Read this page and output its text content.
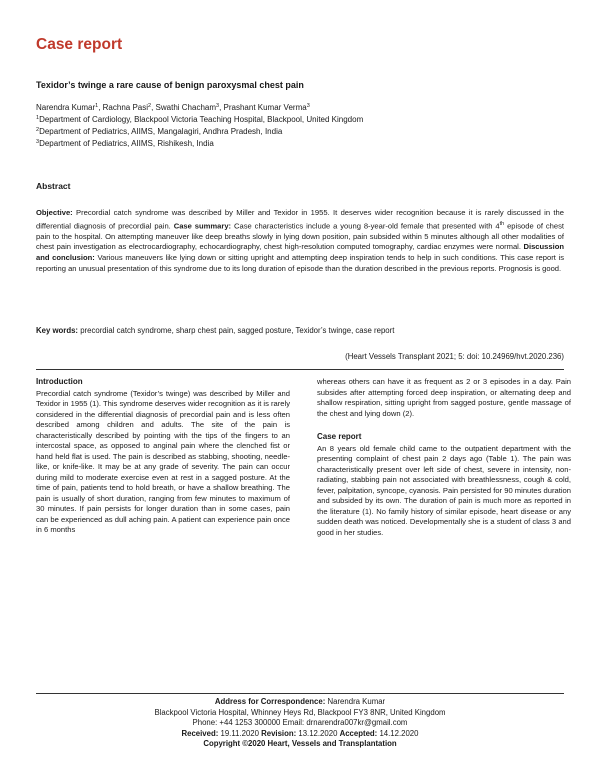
Case report
Texidor’s twinge a rare cause of benign paroxysmal chest pain
Narendra Kumar$^1$, Rachna Pasi$^2$, Swathi Chacham$^3$, Prashant Kumar Verma$^3$
$^1$Department of Cardiology, Blackpool Victoria Teaching Hospital, Blackpool, United Kingdom
$^2$Department of Pediatrics, AIIMS, Mangalagiri, Andhra Pradesh, India
$^3$Department of Pediatrics, AIIMS, Rishikesh, India
Abstract
Objective: Precordial catch syndrome was described by Miller and Texidor in 1955. It deserves wider recognition because it is rarely discussed in the differential diagnosis of precordial pain. Case summary: Case characteristics include a young 8-year-old female that presented with 4th episode of chest pain to the hospital. On attempting maneuver like deep breaths slowly in lying down position, pain subsided within 5 minutes although all other modalities of chest pain investigation as electrocardiography, echocardiography, chest high-resolution computed tomography, cardiac enzymes were normal. Discussion and conclusion: Various maneuvers like lying down or sitting upright and attempting deep inspiration tends to help in such conditions. This case report is reporting an unusual presentation of this syndrome due to its long duration of episode than the duration described in the previous reports. Prognosis is good.
Key words: precordial catch syndrome, sharp chest pain, sagged posture, Texidor’s twinge, case report
(Heart Vessels Transplant 2021; 5: doi: 10.24969/hvt.2020.236)
Introduction

Precordial catch syndrome (Texidor’s twinge) was described by Miller and Texidor in 1955 (1). This syndrome deserves wider recognition as it is rarely considered in the differential diagnosis of precordial pain and is less often described among children and adults. The site of the pain is characteristically described by pointing with the tips of the fingers to an intercostal space, as opposed to anginal pain where the clenched fist or hand held flat is used. The pain is described as stabbing, shooting, needle-like, or knife-like. It may be at any grade of severity. The pain can occur during mild to moderate exercise even at rest in a sagged posture. At the time of pain, patients tend to hold breath, or have a shallow breathing. The pain is usually of short duration, ranging from few minutes to maximum of 30 minutes. If pain persists for longer duration than in some cases, pain can be experienced as dull aching pain. A patient can experience pain once in 6 months

whereas others can have it as frequent as 2 or 3 episodes in a day. Pain subsides after attempting forced deep inspiration, or alternating deep and shallow respiration, sitting upright from sagged posture, gentle massage of the chest and lying down (2).

Case report

An 8 years old female child came to the outpatient department with the presenting complaint of chest pain 2 days ago (Table 1). The pain was characteristically present over left side of chest, severe in intensity, non-radiating, stabbing pain not associated with breathlessness, cough & cold, fever, palpitation, syncope, cyanosis. Pain persisted for 90 minutes duration and subsided by its own. The duration of pain is much more as reported in the literature (1). No family history of similar episode, heart disease or any sudden death was noticed. Developmentally she is a student of class 3 and good in her studies.

Address for Correspondence: Narendra Kumar
Blackpool Victoria Hospital, Whinney Heys Rd, Blackpool FY3 8NR, United Kingdom
Phone: +44 1253 300000 Email: drnarendra007kr@gmail.com
Received: 19.11.2020 Revision: 13.12.2020 Accepted: 14.12.2020
Copyright ©2020 Heart, Vessels and Transplantation
